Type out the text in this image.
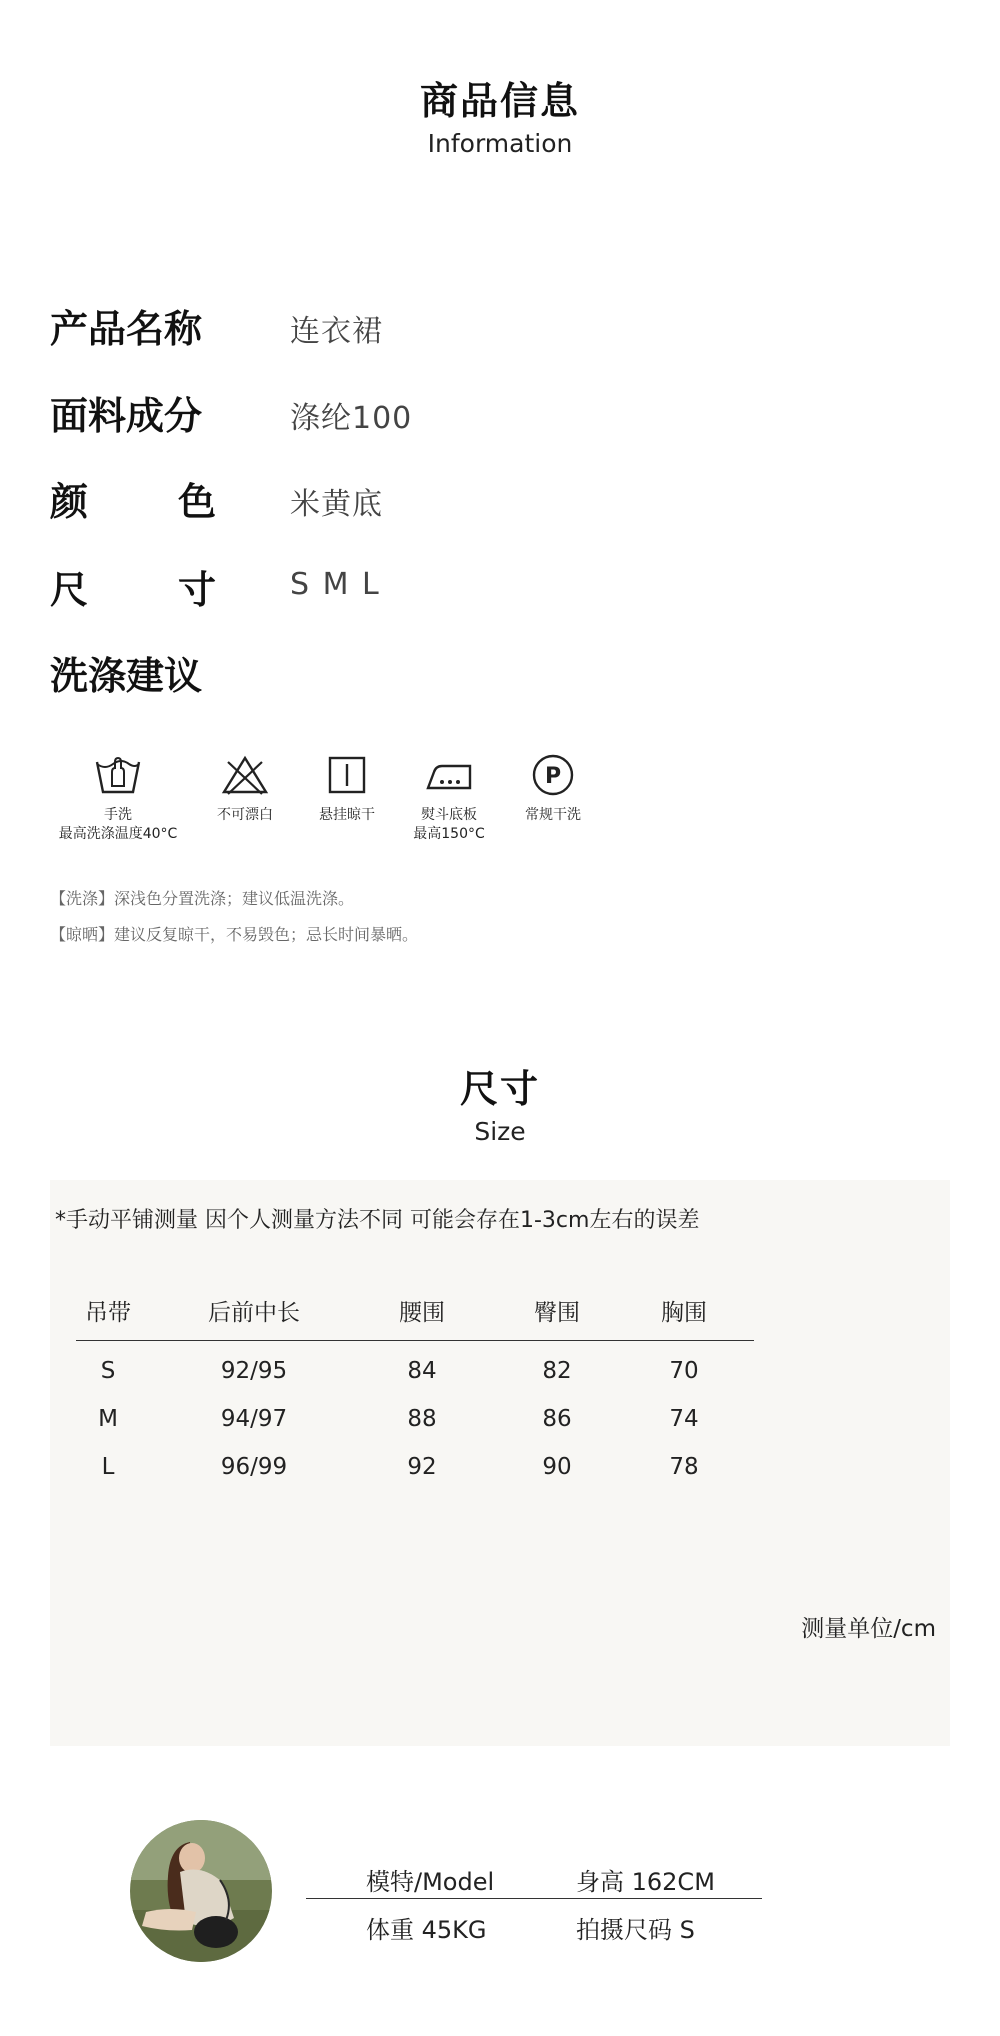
商品信息
Information
产品名称	连衣裙
面料成分	涤纶100
颜 色 米黄底
尺 寸 S M L
洗涤建议
手洗
最高洗涤温度40°C
不可漂白	悬挂晾干	熨斗底板
最高150°C
P
常规干洗
【洗涤】深浅色分置洗涤；建议低温洗涤。
【晾晒】建议反复晾干，不易毁色；忌长时间暴晒。
尺寸
Size
*手动平铺测量 因个人测量方法不同 可能会存在1-3cm左右的误差
吊带	后前中长	腰围	臀围	胸围
S	92/95	84	82	70
M	94/97	88	86	74
L	96/99	92	90	78
测量单位/cm
模特/Model	身高 162CM
体重 45KG	拍摄尺码 S
